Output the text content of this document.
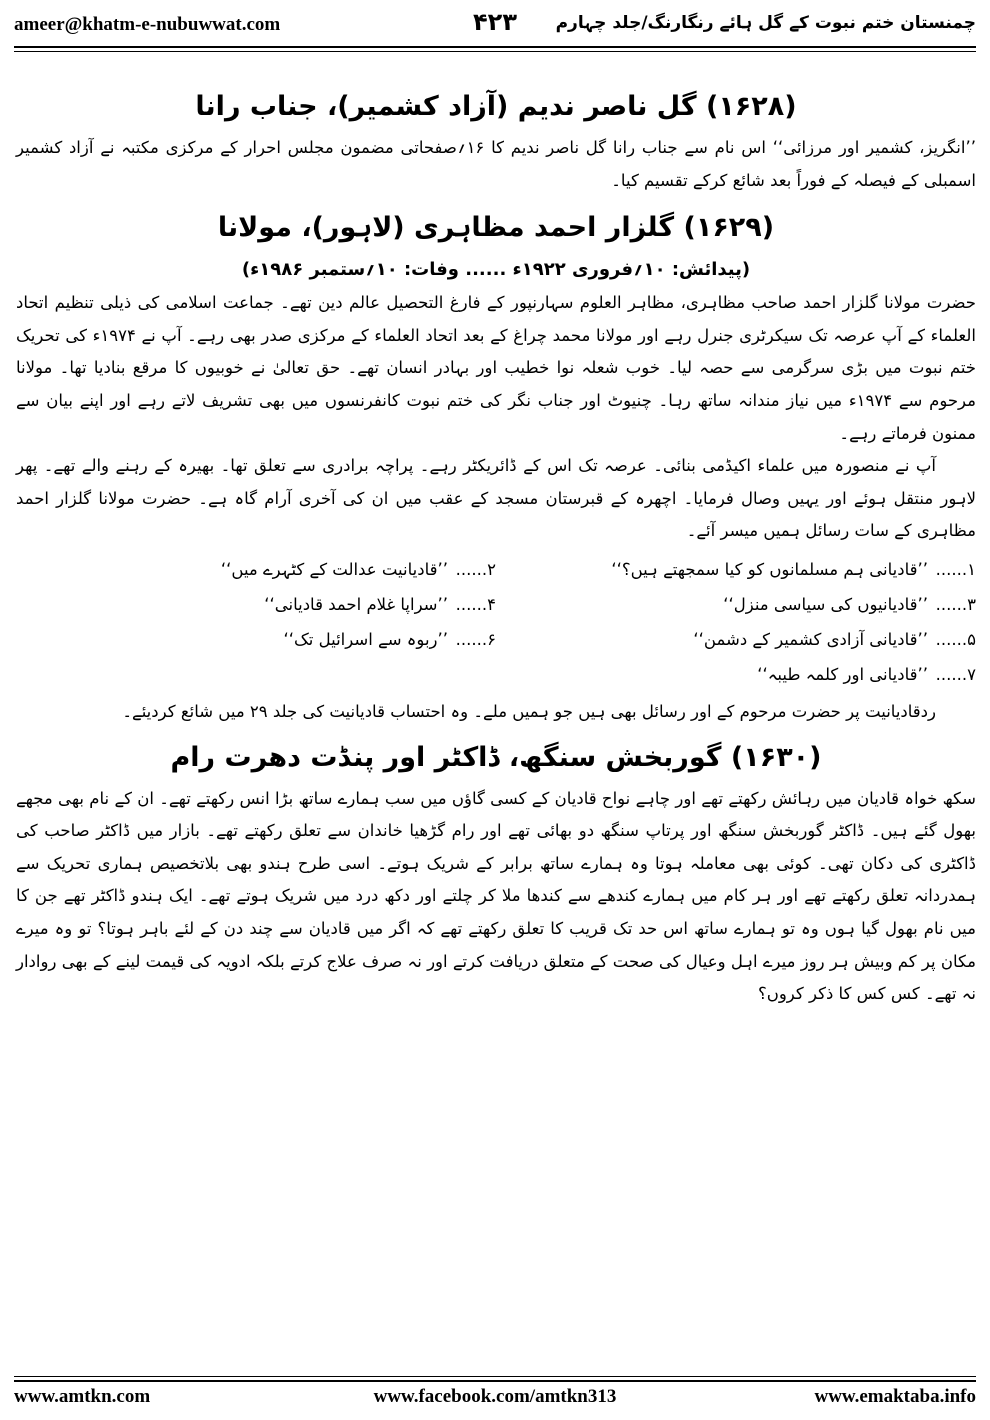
ameer@khatm-e-nubuwwat.com	۴۲۳	چمنستان ختم نبوت کے گل ہائے رنگارنگ/جلد چہارم
(۱۶۲۸) گل ناصر ندیم (آزاد کشمیر)، جناب رانا

’’انگریز، کشمیر اور مرزائی‘‘ اس نام سے جناب رانا گل ناصر ندیم کا ۱۶؍صفحاتی مضمون مجلس احرار کے مرکزی مکتبہ نے آزاد کشمیر اسمبلی کے فیصلہ کے فوراً بعد شائع کرکے تقسیم کیا۔

(۱۶۲۹) گلزار احمد مظاہری (لاہور)، مولانا
(پیدائش: ۱۰؍فروری ۱۹۲۲ء ...... وفات: ۱۰؍ستمبر ۱۹۸۶ء)

حضرت مولانا گلزار احمد صاحب مظاہری، مظاہر العلوم سہارنپور کے فارغ التحصیل عالم دین تھے۔ جماعت اسلامی کی ذیلی تنظیم اتحاد العلماء کے آپ عرصہ تک سیکرٹری جنرل رہے اور مولانا محمد چراغ کے بعد اتحاد العلماء کے مرکزی صدر بھی رہے۔ آپ نے ۱۹۷۴ء کی تحریک ختم نبوت میں بڑی سرگرمی سے حصہ لیا۔ خوب شعلہ نوا خطیب اور بہادر انسان تھے۔ حق تعالیٰ نے خوبیوں کا مرقع بنادیا تھا۔ مولانا مرحوم سے ۱۹۷۴ء میں نیاز مندانہ ساتھ رہا۔ چنیوٹ اور جناب نگر کی ختم نبوت کانفرنسوں میں بھی تشریف لاتے رہے اور اپنے بیان سے ممنون فرماتے رہے۔

آپ نے منصورہ میں علماء اکیڈمی بنائی۔ عرصہ تک اس کے ڈائریکٹر رہے۔ پراچہ برادری سے تعلق تھا۔ بھیرہ کے رہنے والے تھے۔ پھر لاہور منتقل ہوئے اور یہیں وصال فرمایا۔ اچھرہ کے قبرستان مسجد کے عقب میں ان کی آخری آرام گاہ ہے۔ حضرت مولانا گلزار احمد مظاہری کے سات رسائل ہمیں میسر آئے۔

۱......
’’قادیانی ہم مسلمانوں کو کیا سمجھتے ہیں؟‘‘
۲......
’’قادیانیت عدالت کے کٹہرے میں‘‘
۳......
’’قادیانیوں کی سیاسی منزل‘‘
۴......
’’سراپا غلام احمد قادیانی‘‘
۵......
’’قادیانی آزادی کشمیر کے دشمن‘‘
۶......
’’ربوہ سے اسرائیل تک‘‘
۷......
’’قادیانی اور کلمہ طیبہ‘‘

ردقادیانیت پر حضرت مرحوم کے اور رسائل بھی ہیں جو ہمیں ملے۔ وہ احتساب قادیانیت کی جلد ۲۹ میں شائع کردیئے۔

(۱۶۳۰) گوربخش سنگھ، ڈاکٹر اور پنڈت دھرت رام

سکھ خواہ قادیان میں رہائش رکھتے تھے اور چاہے نواح قادیان کے کسی گاؤں میں سب ہمارے ساتھ بڑا انس رکھتے تھے۔ ان کے نام بھی مجھے بھول گئے ہیں۔ ڈاکٹر گوربخش سنگھ اور پرتاپ سنگھ دو بھائی تھے اور رام گڑھیا خاندان سے تعلق رکھتے تھے۔ بازار میں ڈاکٹر صاحب کی ڈاکٹری کی دکان تھی۔ کوئی بھی معاملہ ہوتا وہ ہمارے ساتھ برابر کے شریک ہوتے۔ اسی طرح ہندو بھی بلاتخصیص ہماری تحریک سے ہمدردانہ تعلق رکھتے تھے اور ہر کام میں ہمارے کندھے سے کندھا ملا کر چلتے اور دکھ درد میں شریک ہوتے تھے۔ ایک ہندو ڈاکٹر تھے جن کا میں نام بھول گیا ہوں وہ تو ہمارے ساتھ اس حد تک قریب کا تعلق رکھتے تھے کہ اگر میں قادیان سے چند دن کے لئے باہر ہوتا؟ تو وہ میرے مکان پر کم وبیش ہر روز میرے اہل وعیال کی صحت کے متعلق دریافت کرتے اور نہ صرف علاج کرتے بلکہ ادویہ کی قیمت لینے کے بھی روادار نہ تھے۔ کس کس کا ذکر کروں؟

www.amtkn.com	www.facebook.com/amtkn313	www.emaktaba.info
